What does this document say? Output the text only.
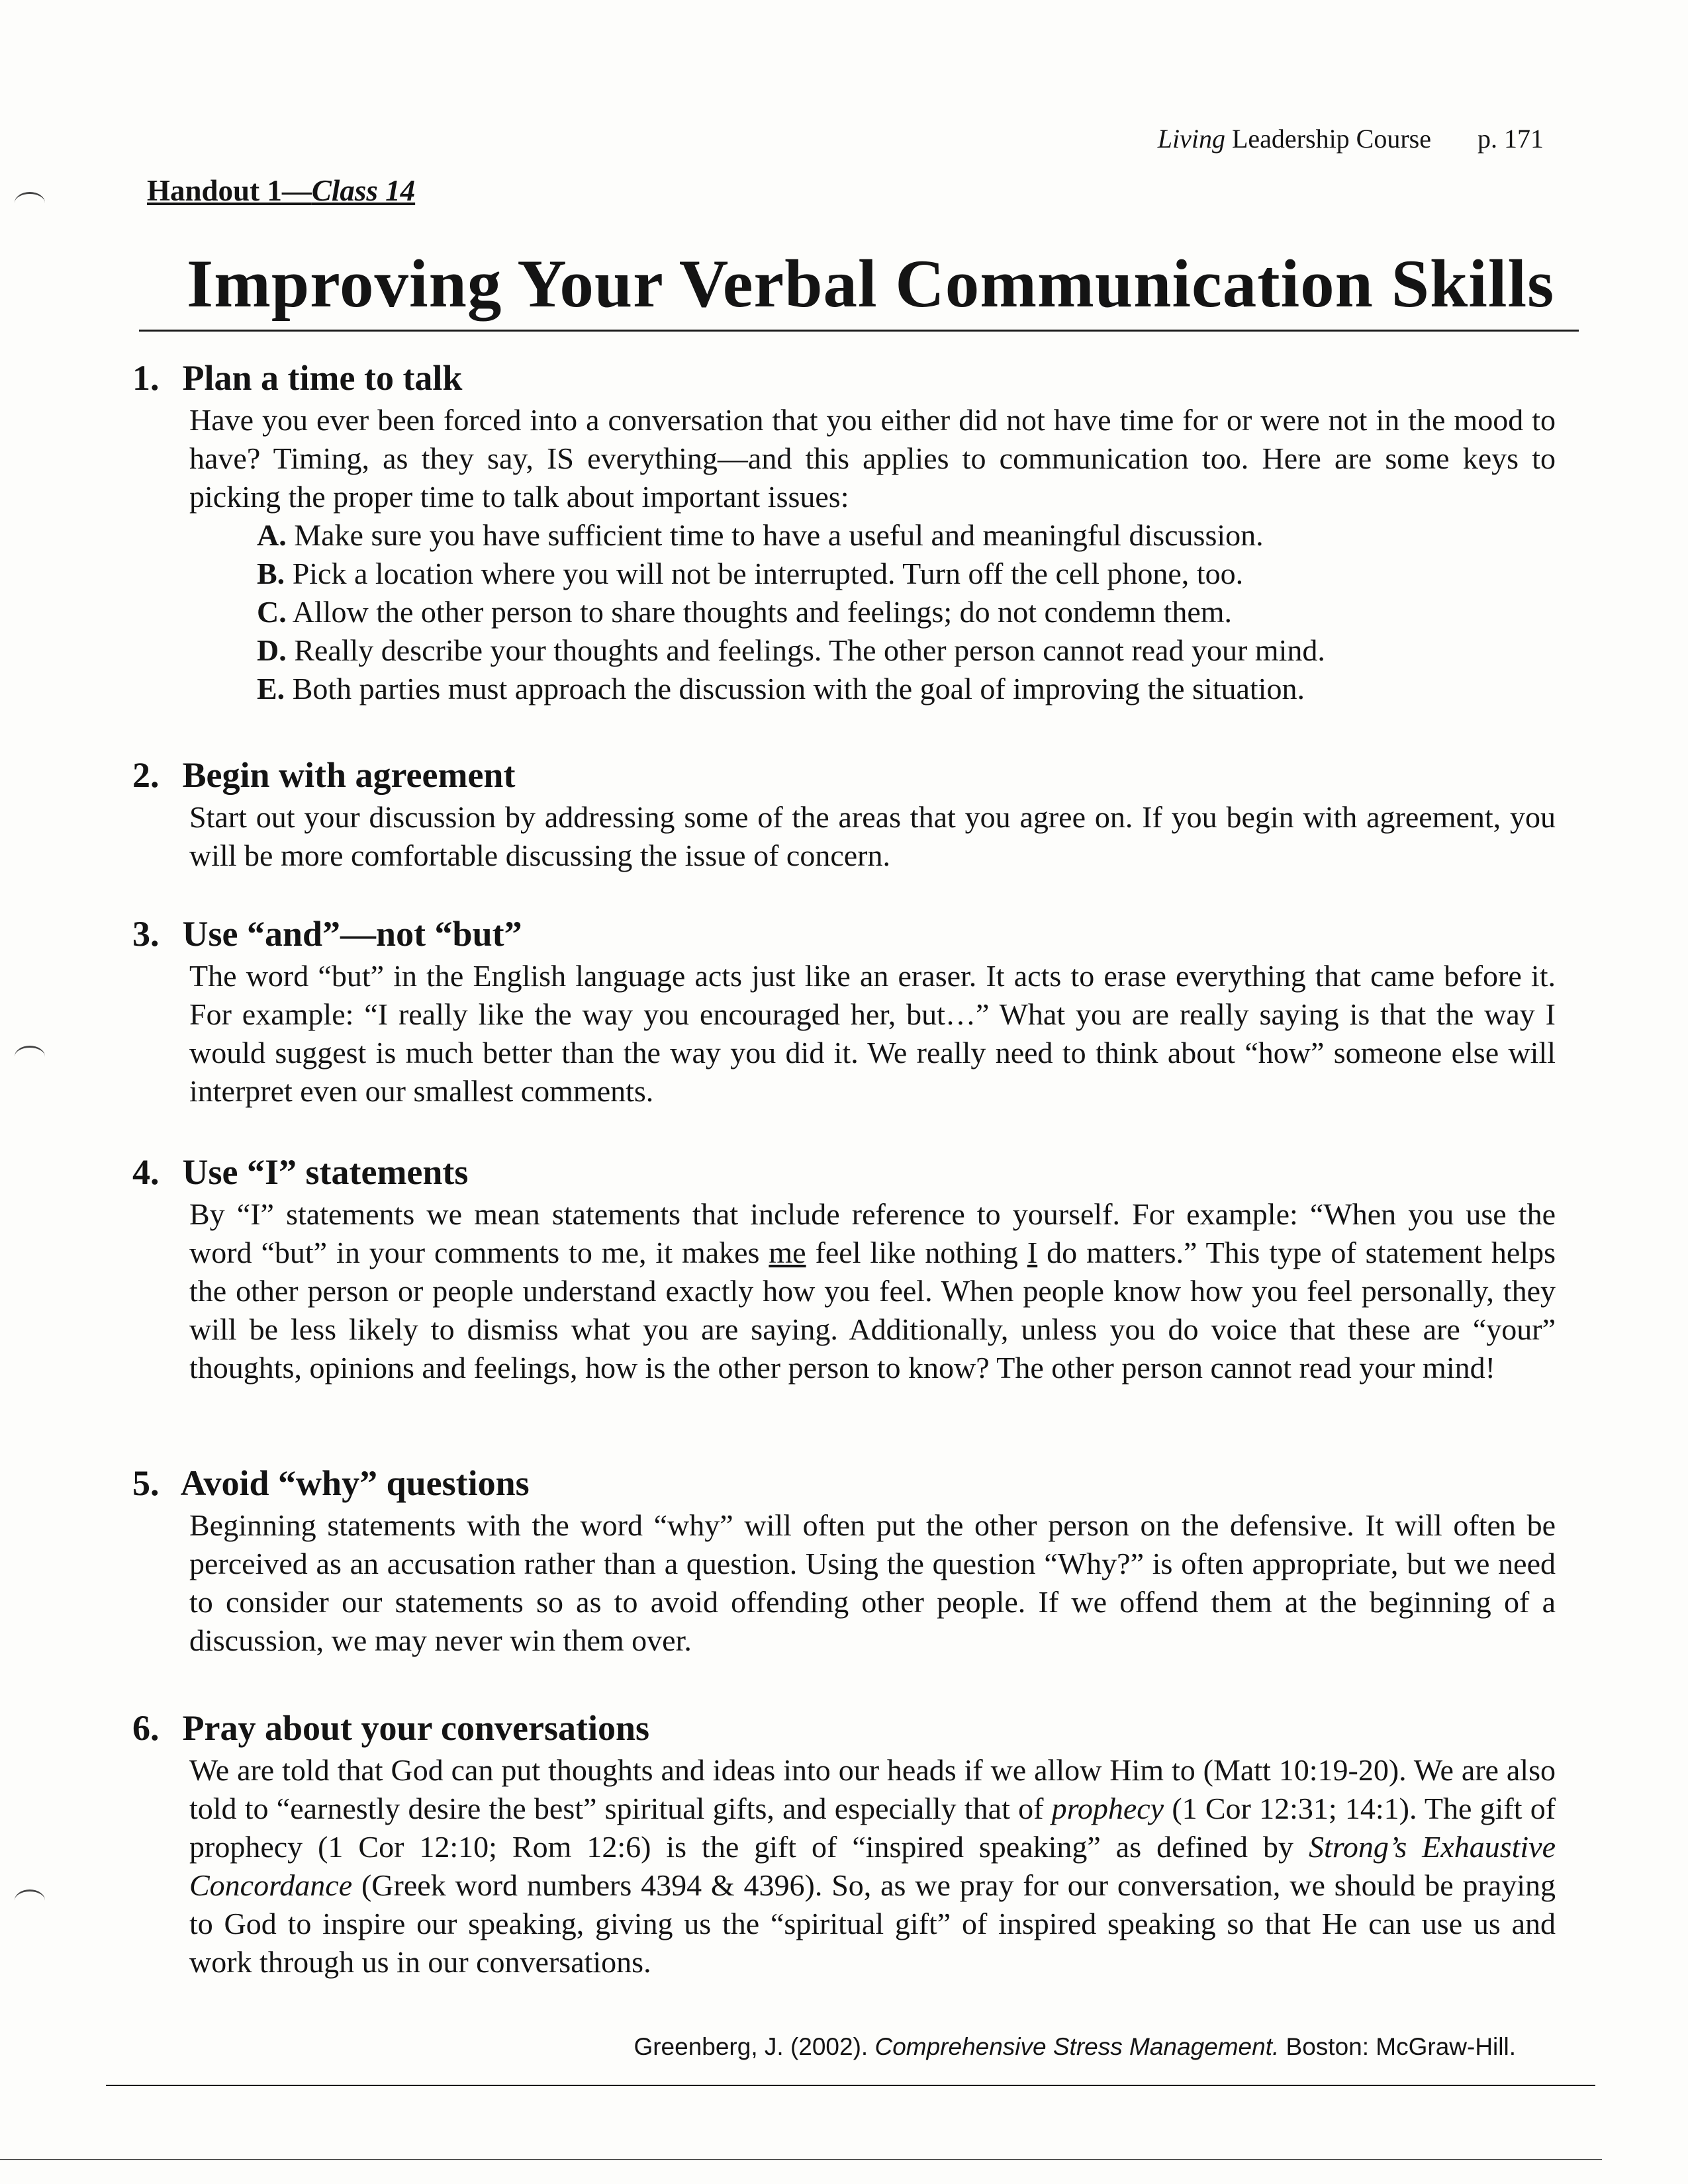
Living Leadership Course p. 171
Handout 1—Class 14
Improving Your Verbal Communication Skills
1. Plan a time to talk

Have you ever been forced into a conversation that you either did not have time for or were not in the mood to have? Timing, as they say, IS everything—and this applies to communication too. Here are some keys to picking the proper time to talk about important issues:

A. Make sure you have sufficient time to have a useful and meaningful discussion.
B. Pick a location where you will not be interrupted. Turn off the cell phone, too.
C. Allow the other person to share thoughts and feelings; do not condemn them.
D. Really describe your thoughts and feelings. The other person cannot read your mind.
E. Both parties must approach the discussion with the goal of improving the situation.
2. Begin with agreement

Start out your discussion by addressing some of the areas that you agree on. If you begin with agreement, you will be more comfortable discussing the issue of concern.

3. Use “and”—not “but”

The word “but” in the English language acts just like an eraser. It acts to erase everything that came before it. For example: “I really like the way you encouraged her, but…” What you are really saying is that the way I would suggest is much better than the way you did it. We really need to think about “how” someone else will interpret even our smallest comments.

4. Use “I” statements

By “I” statements we mean statements that include reference to yourself. For example: “When you use the word “but” in your comments to me, it makes me feel like nothing I do matters.” This type of statement helps the other person or people understand exactly how you feel. When people know how you feel personally, they will be less likely to dismiss what you are saying. Additionally, unless you do voice that these are “your” thoughts, opinions and feelings, how is the other person to know? The other person cannot read your mind!

5. Avoid “why” questions

Beginning statements with the word “why” will often put the other person on the defensive. It will often be perceived as an accusation rather than a question. Using the question “Why?” is often appropriate, but we need to consider our statements so as to avoid offending other people. If we offend them at the beginning of a discussion, we may never win them over.

6. Pray about your conversations

We are told that God can put thoughts and ideas into our heads if we allow Him to (Matt 10:19-20). We are also told to “earnestly desire the best” spiritual gifts, and especially that of prophecy (1 Cor 12:31; 14:1). The gift of prophecy (1 Cor 12:10; Rom 12:6) is the gift of “inspired speaking” as defined by Strong’s Exhaustive Concordance (Greek word numbers 4394 & 4396). So, as we pray for our conversation, we should be praying to God to inspire our speaking, giving us the “spiritual gift” of inspired speaking so that He can use us and work through us in our conversations.

Greenberg, J. (2002). Comprehensive Stress Management. Boston: McGraw-Hill.
